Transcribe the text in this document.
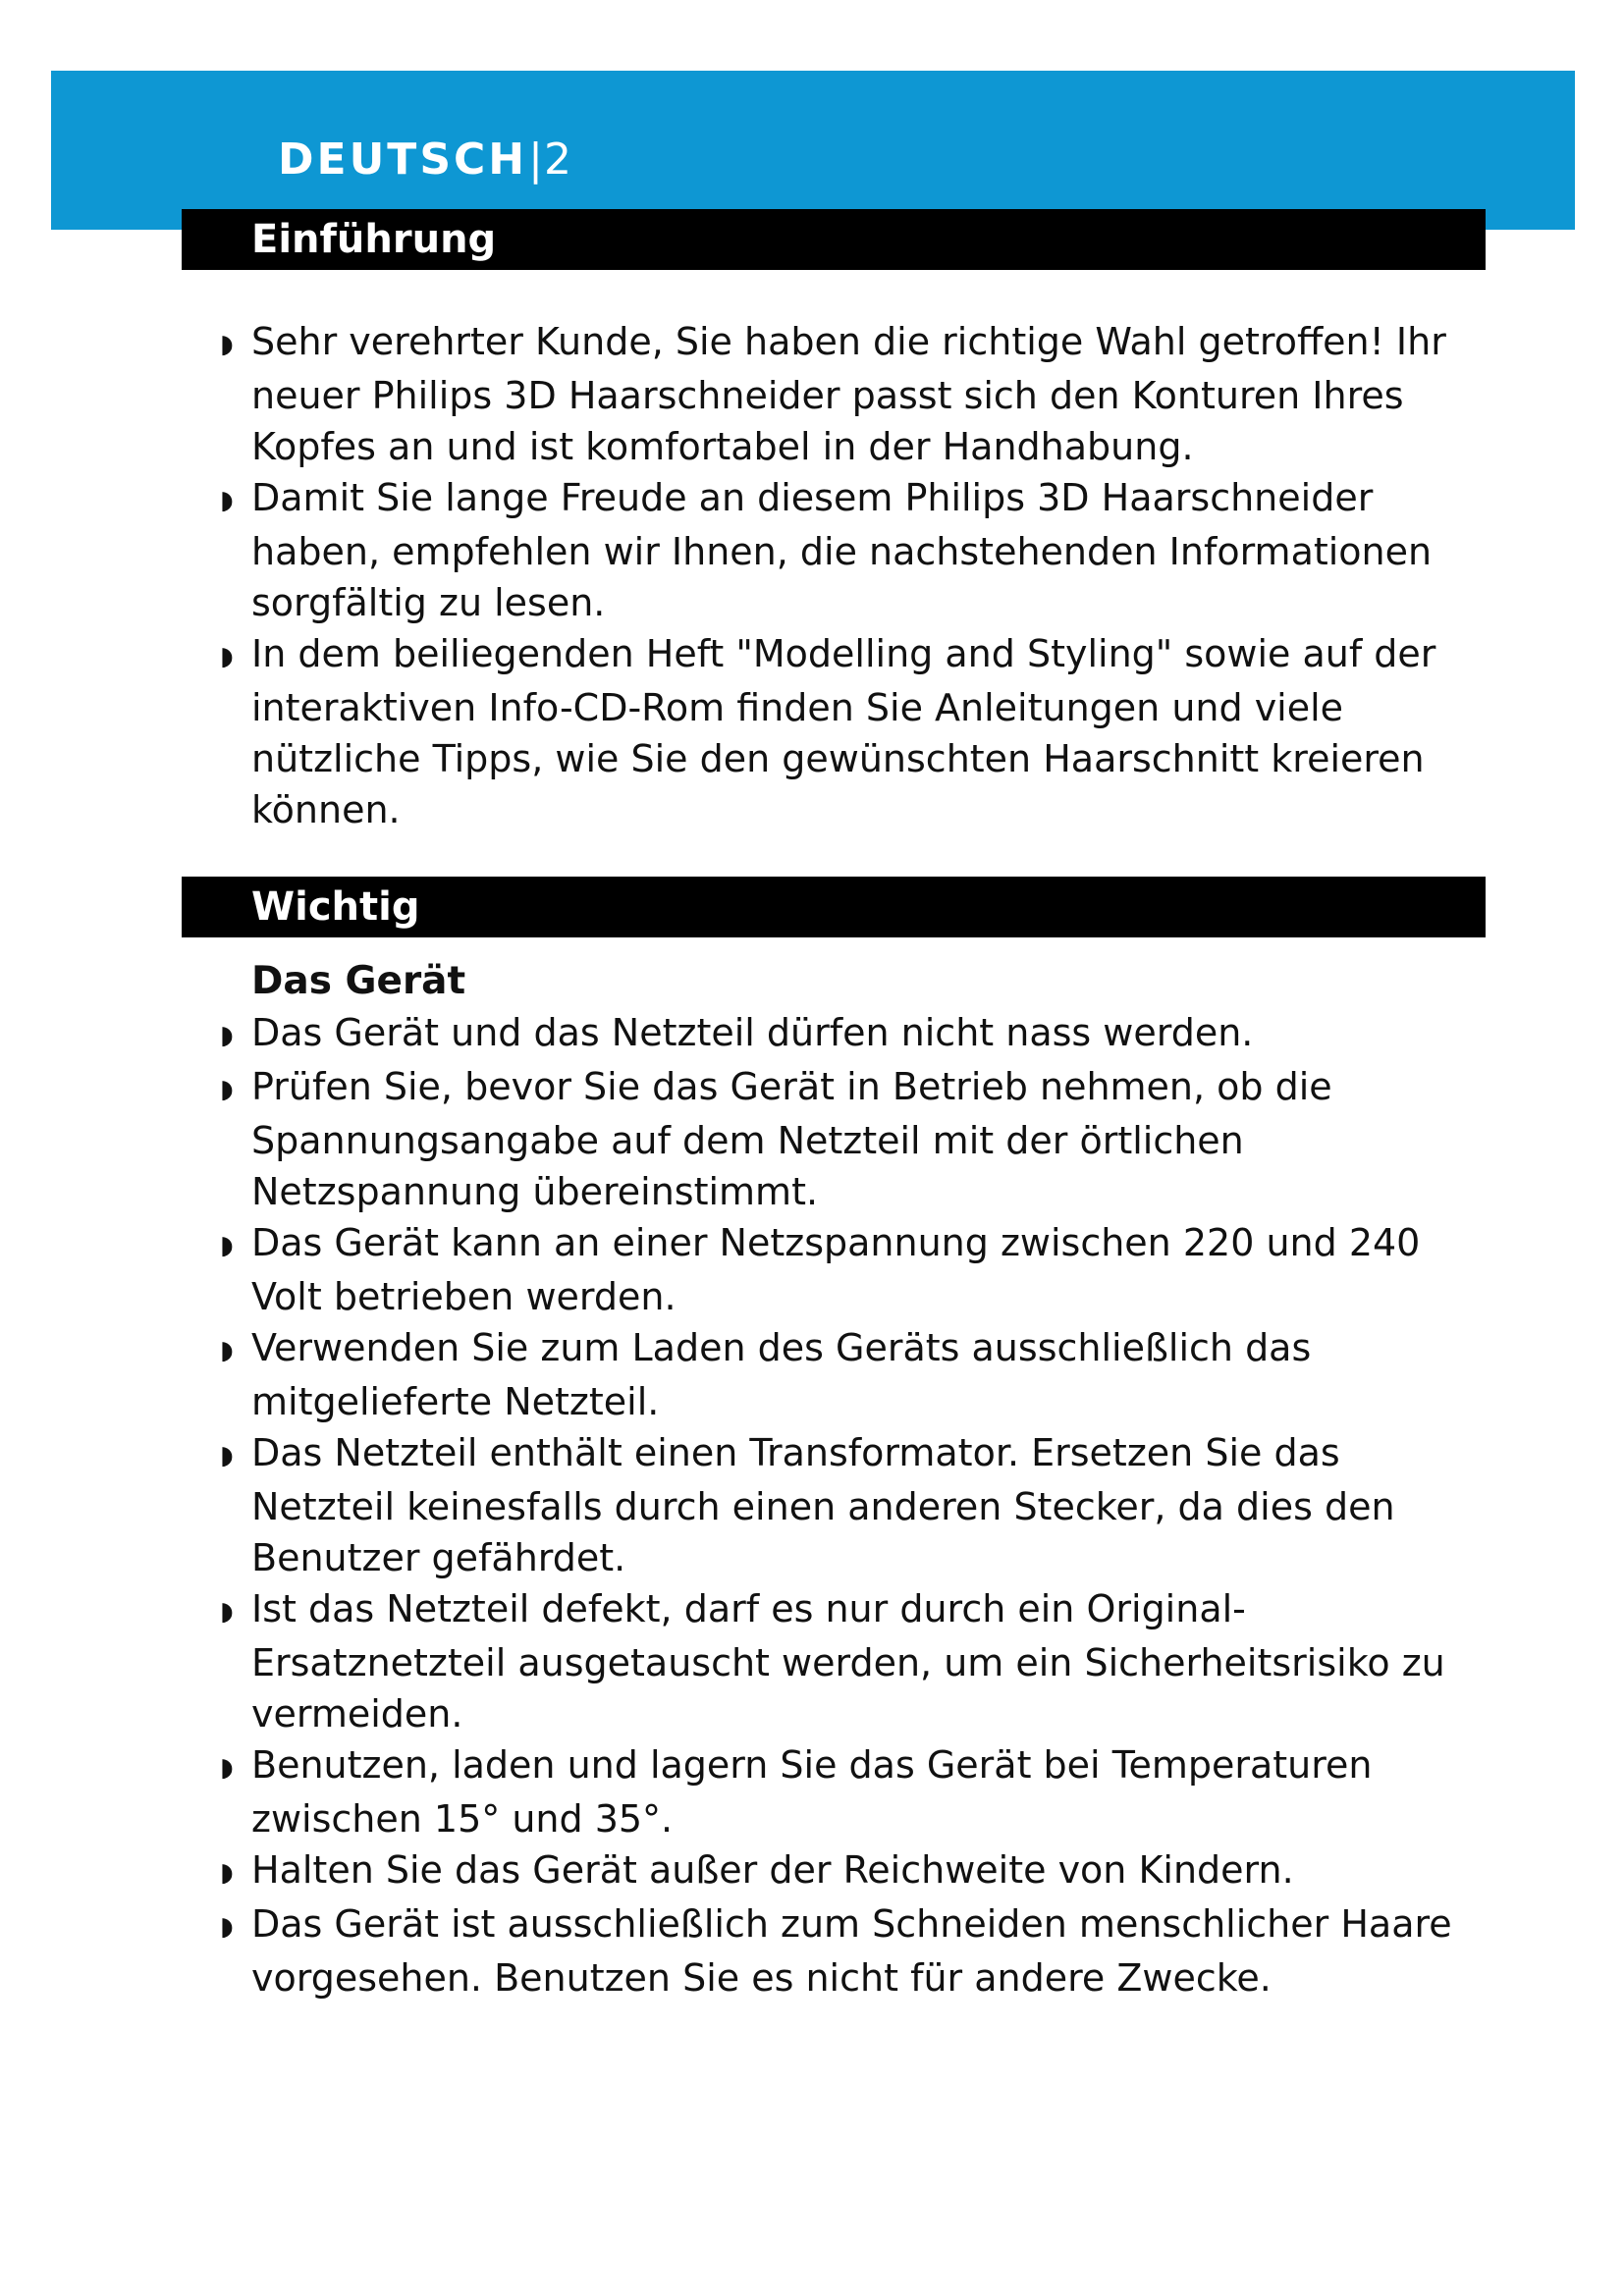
DEUTSCH|2
Einführung
◗ Sehr verehrter Kunde, Sie haben die richtige Wahl getroffen! Ihr neuer Philips 3D Haarschneider passt sich den Konturen Ihres Kopfes an und ist komfortabel in der Handhabung.
◗ Damit Sie lange Freude an diesem Philips 3D Haarschneider haben, empfehlen wir Ihnen, die nachstehenden Informationen sorgfältig zu lesen.
◗ In dem beiliegenden Heft "Modelling and Styling" sowie auf der interaktiven Info-CD-Rom finden Sie Anleitungen und viele nützliche Tipps, wie Sie den gewünschten Haarschnitt kreieren können.
Wichtig
Das Gerät
◗ Das Gerät und das Netzteil dürfen nicht nass werden.
◗ Prüfen Sie, bevor Sie das Gerät in Betrieb nehmen, ob die Spannungsangabe auf dem Netzteil mit der örtlichen Netzspannung übereinstimmt.
◗ Das Gerät kann an einer Netzspannung zwischen 220 und 240 Volt betrieben werden.
◗ Verwenden Sie zum Laden des Geräts ausschließlich das mitgelieferte Netzteil.
◗ Das Netzteil enthält einen Transformator. Ersetzen Sie das Netzteil keinesfalls durch einen anderen Stecker, da dies den Benutzer gefährdet.
◗ Ist das Netzteil defekt, darf es nur durch ein Original-Ersatznetzteil ausgetauscht werden, um ein Sicherheitsrisiko zu vermeiden.
◗ Benutzen, laden und lagern Sie das Gerät bei Temperaturen zwischen 15° und 35°.
◗ Halten Sie das Gerät außer der Reichweite von Kindern.
◗ Das Gerät ist ausschließlich zum Schneiden menschlicher Haare vorgesehen. Benutzen Sie es nicht für andere Zwecke.
